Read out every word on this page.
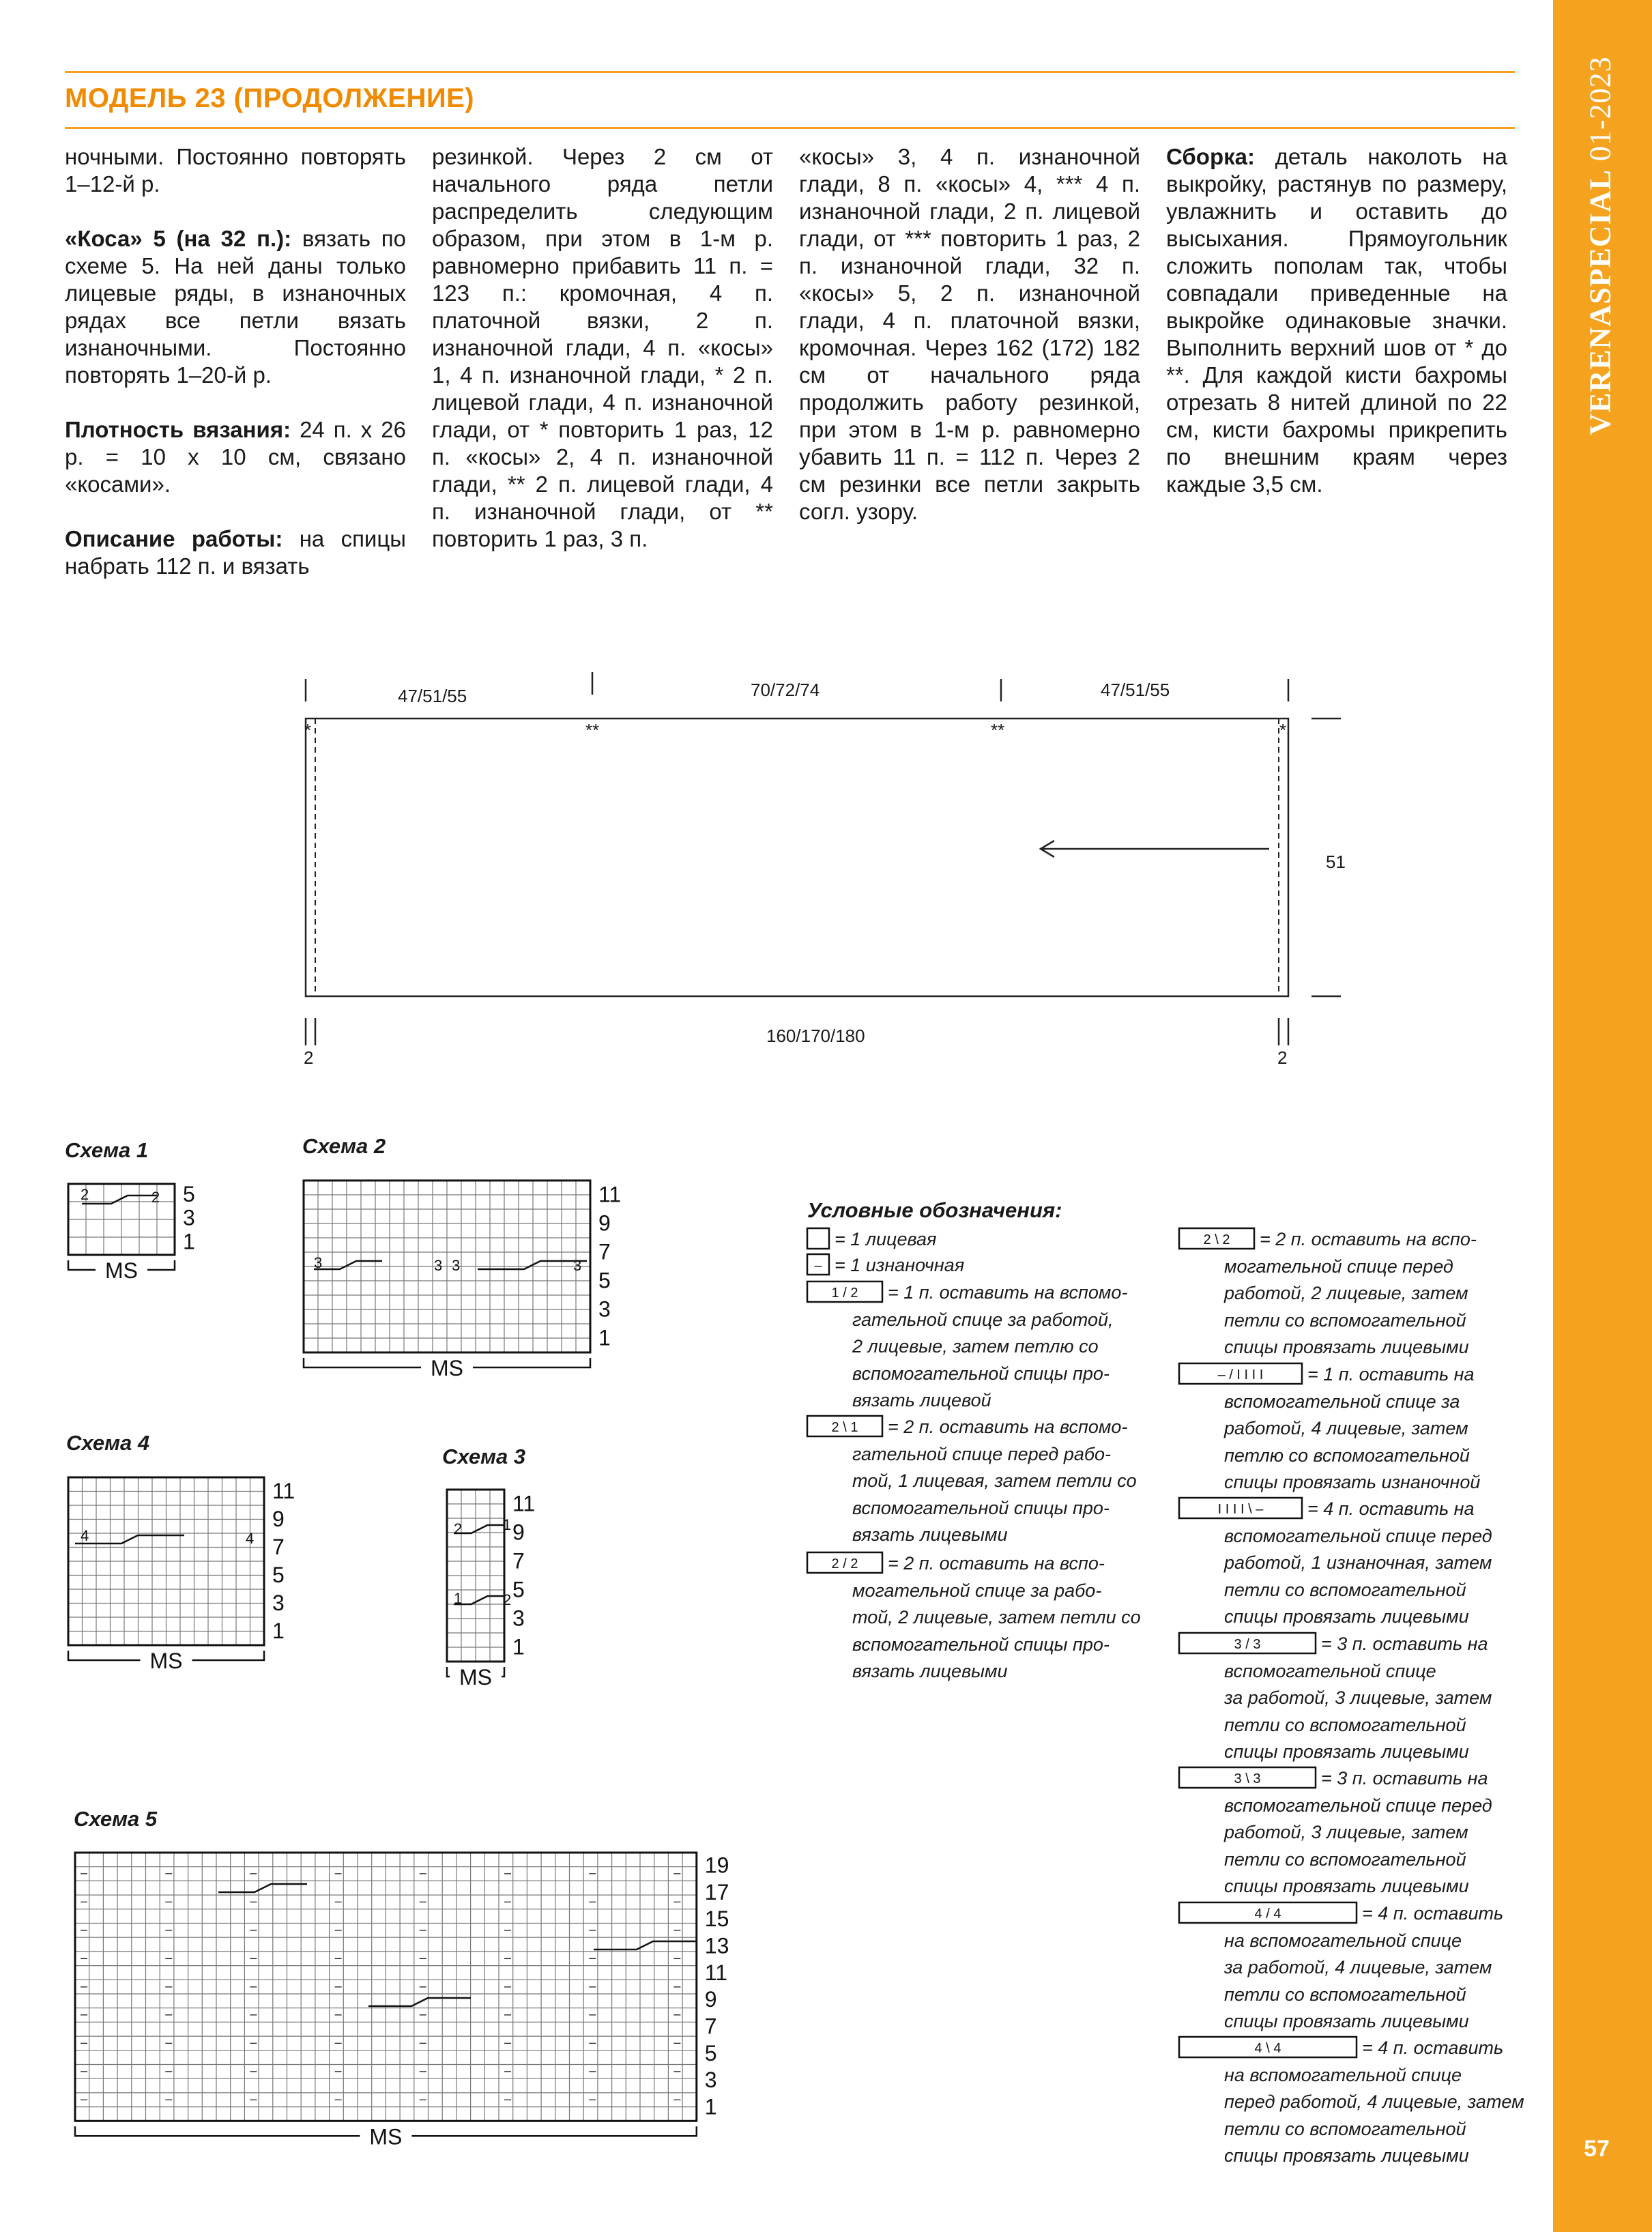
VERENASPECIAL 01-2023
57
МОДЕЛЬ 23 (ПРОДОЛЖЕНИЕ)

ночными. Постоянно повторять 1–12-й р.

«Коса» 5 (на 32 п.): вязать по схеме 5. На ней даны только лицевые ряды, в изнаночных рядах все петли вязать изнаночными. Постоянно повторять 1–20-й р.

Плотность вязания: 24 п. х 26 р. = 10 х 10 см, связано «косами».

Описание работы: на спицы набрать 112 п. и вязать

резинкой. Через 2 см от начального ряда петли распределить следующим образом, при этом в 1-м р. равномерно прибавить 11 п. = 123 п.: кромочная, 4 п. платочной вязки, 2 п. изнаночной глади, 4 п. «косы» 1, 4 п. изнаночной глади, * 2 п. лицевой глади, 4 п. изнаночной глади, от * повторить 1 раз, 12 п. «косы» 2, 4 п. изнаночной глади, ** 2 п. лицевой глади, 4 п. изнаночной глади, от ** повторить 1 раз, 3 п.

«косы» 3, 4 п. изнаночной глади, 8 п. «косы» 4, *** 4 п. изнаночной глади, 2 п. лицевой глади, от *** повторить 1 раз, 2 п. изнаночной глади, 32 п. «косы» 5, 2 п. изнаночной глади, 4 п. платочной вязки, кромочная. Через 162 (172) 182 см от начального ряда продолжить работу резинкой, при этом в 1-м р. равномерно убавить 11 п. = 112 п. Через 2 см резинки все петли закрыть согл. узору.

Сборка: деталь наколоть на выкройку, растянув по размеру, увлажнить и оставить до высыхания. Прямоугольник сложить пополам так, чтобы совпадали приведенные на выкройке одинаковые значки. Выполнить верхний шов от * до **. Для каждой кисти бахромы отрезать 8 нитей длиной по 22 см, кисти бахромы прикрепить по внешним краям через каждые 3,5 см.

47/51/55	70/72/74	47/51/55
51
160/170/180
2	2
*	**	**	*
Схема 1	Схема 2
Схема 4
Схема 3
Схема 5
5
3
1
MS
2	2	11
9
7
5
3
1
MS
3	3 3	3
11
9
7
5
3
1
MS
4	4
11
9
7
5
3
1
MS
2	1
1	2
19
17
15
13
11
9
7
5
3
1
MS
–	–	–	–	–	–	–	–
–	–	–	–	–	–	–	–
–	–	–	–	–	–	–	–
–	–	–	–	–	–	–	–
–	–	–	–	–	–	–	–
–	–	–	–	–	–	–	–
–	–	–	–	–	–	–	–
–	–	–	–	–	–	–	–
–	–	–	–	–	–	–	–
Условные обозначения:
–
1 / 2
2 \ 1
2 / 2
2 \ 2
– / I I I I
I I I I \ –
3 / 3
3 \ 3
4 / 4
4 \ 4
= 1 лицевая
= 1 изнаночная
= 1 п. оставить на вспомо-
гательной спице за работой,
2 лицевые, затем петлю со
вспомогательной спицы про-
вязать лицевой
= 2 п. оставить на вспомо-
гательной спице перед рабо-
той, 1 лицевая, затем петли со
вспомогательной спицы про-
вязать лицевыми
= 2 п. оставить на вспо-
могательной спице за рабо-
той, 2 лицевые, затем петли со
вспомогательной спицы про-
вязать лицевыми
= 2 п. оставить на вспо-
могательной спице перед
работой, 2 лицевые, затем
петли со вспомогательной
спицы провязать лицевыми
= 1 п. оставить на
вспомогательной спице за
работой, 4 лицевые, затем
петлю со вспомогательной
спицы провязать изнаночной
= 4 п. оставить на
вспомогательной спице перед
работой, 1 изнаночная, затем
петли со вспомогательной
спицы провязать лицевыми
= 3 п. оставить на
вспомогательной спице
за работой, 3 лицевые, затем
петли со вспомогательной
спицы провязать лицевыми
= 3 п. оставить на
вспомогательной спице перед
работой, 3 лицевые, затем
петли со вспомогательной
спицы провязать лицевыми
= 4 п. оставить
на вспомогательной спице
за работой, 4 лицевые, затем
петли со вспомогательной
спицы провязать лицевыми
= 4 п. оставить
на вспомогательной спице
перед работой, 4 лицевые, затем
петли со вспомогательной
спицы провязать лицевыми
